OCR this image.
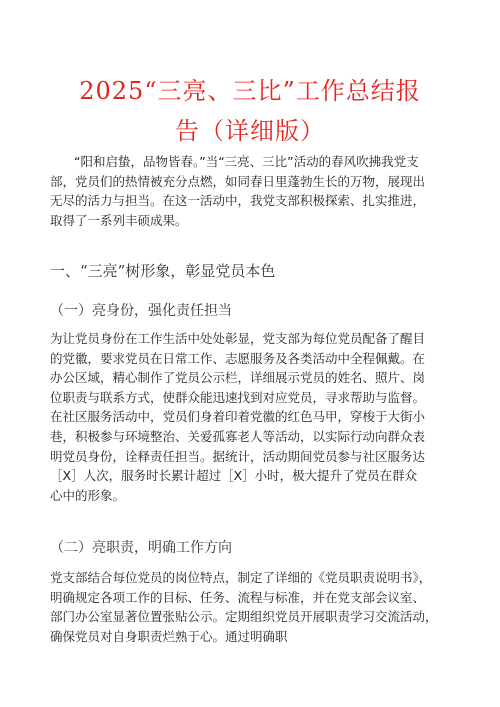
2025“三亮、三比”工作总结报
告（详细版）
“阳和启蛰，品物皆春。”当“三亮、三比”活动的春风吹拂我党支
部，党员们的热情被充分点燃，如同春日里蓬勃生长的万物，展现出
无尽的活力与担当。在这一活动中，我党支部积极探索、扎实推进，
取得了一系列丰硕成果。
一、“三亮”树形象，彰显党员本色
（一）亮身份，强化责任担当
为让党员身份在工作生活中处处彰显，党支部为每位党员配备了醒目
的党徽，要求党员在日常工作、志愿服务及各类活动中全程佩戴。在
办公区域，精心制作了党员公示栏，详细展示党员的姓名、照片、岗
位职责与联系方式，使群众能迅速找到对应党员，寻求帮助与监督。
在社区服务活动中，党员们身着印着党徽的红色马甲，穿梭于大街小
巷，积极参与环境整治、关爱孤寡老人等活动，以实际行动向群众表
明党员身份，诠释责任担当。据统计，活动期间党员参与社区服务达
［X］人次，服务时长累计超过［X］小时，极大提升了党员在群众
心中的形象。
（二）亮职责，明确工作方向
党支部结合每位党员的岗位特点，制定了详细的《党员职责说明书》，
明确规定各项工作的目标、任务、流程与标准，并在党支部会议室、
部门办公室显著位置张贴公示。定期组织党员开展职责学习交流活动，
确保党员对自身职责烂熟于心。通过明确职
